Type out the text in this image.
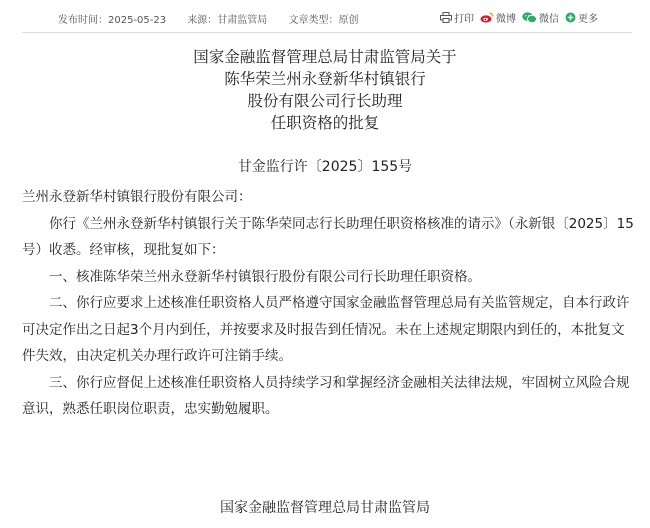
发布时间：2025-05-23 来源：甘肃监管局 文章类型：原创	打印 微博 微信 更多
国家金融监督管理总局甘肃监管局关于
陈华荣兰州永登新华村镇银行
股份有限公司行长助理
任职资格的批复
甘金监行许〔2025〕155号

兰州永登新华村镇银行股份有限公司：

你行《兰州永登新华村镇银行关于陈华荣同志行长助理任职资格核准的请示》（永新银〔2025〕15号）收悉。经审核，现批复如下：

一、核准陈华荣兰州永登新华村镇银行股份有限公司行长助理任职资格。

二、你行应要求上述核准任职资格人员严格遵守国家金融监督管理总局有关监管规定，自本行政许可决定作出之日起3个月内到任，并按要求及时报告到任情况。未在上述规定期限内到任的，本批复文件失效，由决定机关办理行政许可注销手续。

三、你行应督促上述核准任职资格人员持续学习和掌握经济金融相关法律法规，牢固树立风险合规意识，熟悉任职岗位职责，忠实勤勉履职。

国家金融监督管理总局甘肃监管局
